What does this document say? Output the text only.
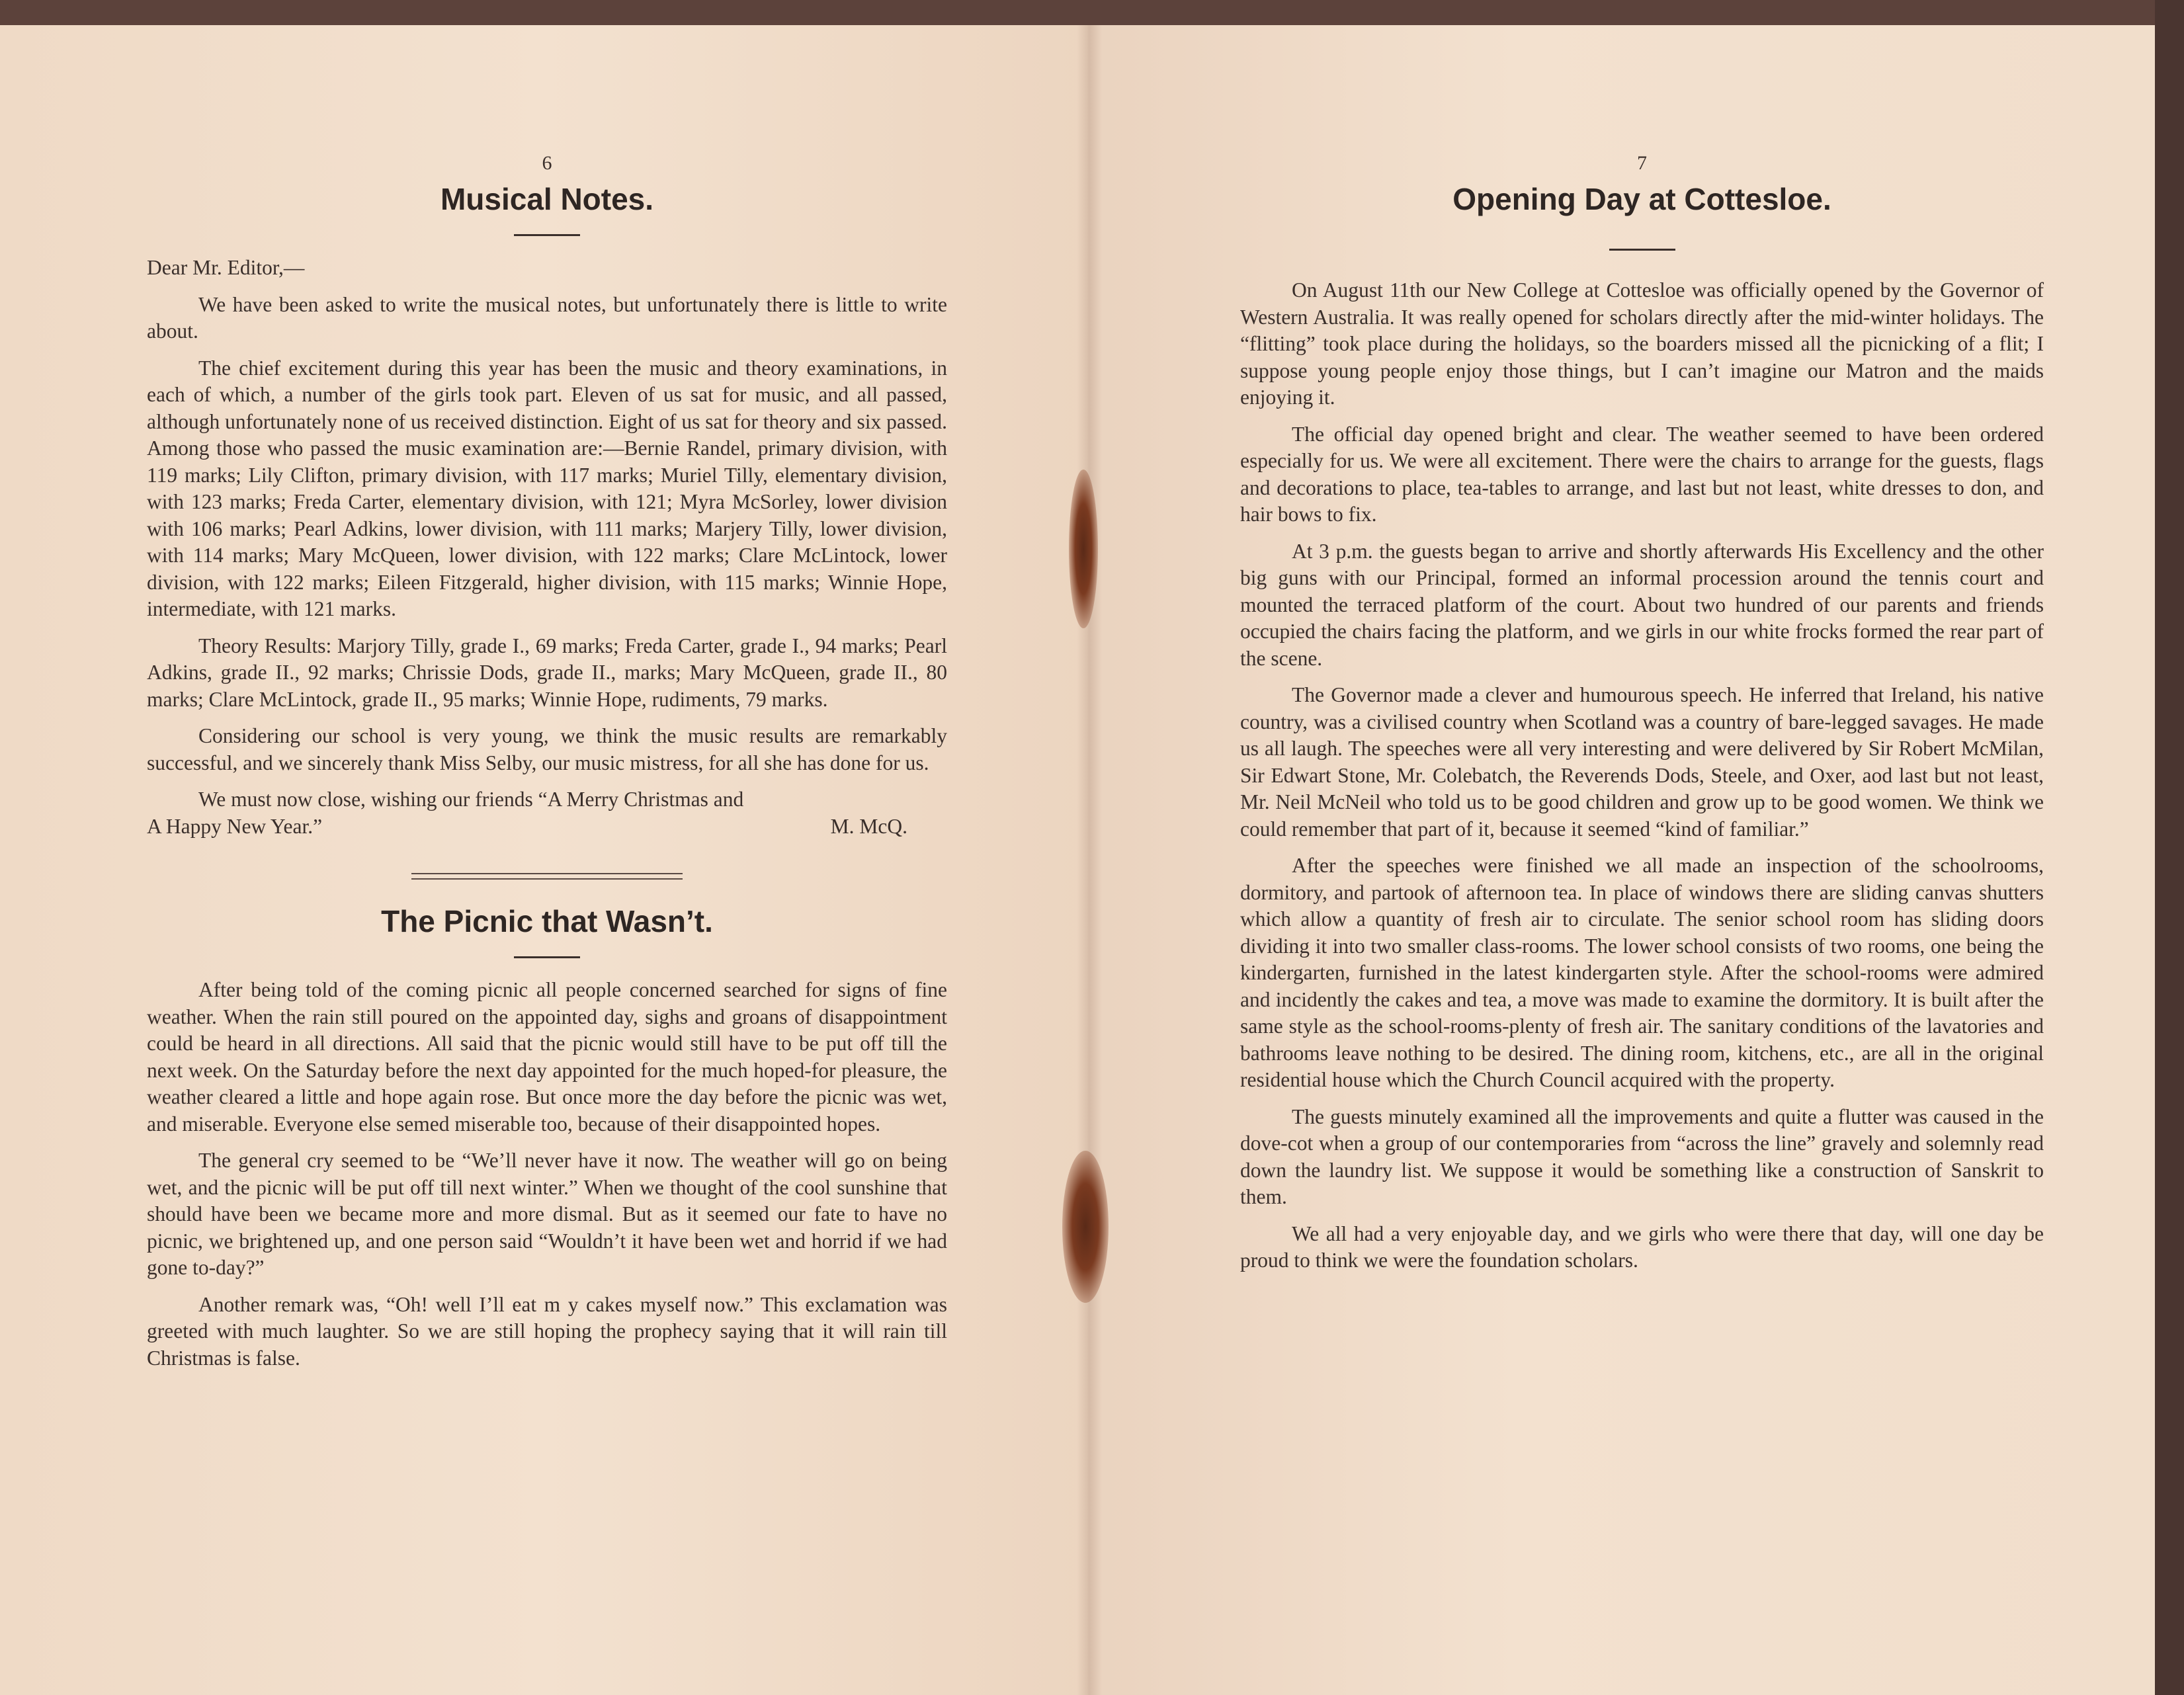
6
Musical Notes.

Dear Mr. Editor,—

We have been asked to write the musical notes, but unfortunately there is little to write about.

The chief excitement during this year has been the music and theory examinations, in each of which, a number of the girls took part. Eleven of us sat for music, and all passed, although unfortunately none of us received distinction. Eight of us sat for theory and six passed. Among those who passed the music examination are:—Bernie Randel, primary division, with 119 marks; Lily Clifton, primary division, with 117 marks; Muriel Tilly, elementary division, with 123 marks; Freda Carter, elementary division, with 121; Myra McSorley, lower division with 106 marks; Pearl Adkins, lower division, with 111 marks; Marjery Tilly, lower division, with 114 marks; Mary McQueen, lower division, with 122 marks; Clare McLintock, lower division, with 122 marks; Eileen Fitzgerald, higher division, with 115 marks; Winnie Hope, intermediate, with 121 marks.

Theory Results: Marjory Tilly, grade I., 69 marks; Freda Carter, grade I., 94 marks; Pearl Adkins, grade II., 92 marks; Chrissie Dods, grade II., marks; Mary McQueen, grade II., 80 marks; Clare McLintock, grade II., 95 marks; Winnie Hope, rudiments, 79 marks.

Considering our school is very young, we think the music results are remarkably successful, and we sincerely thank Miss Selby, our music mistress, for all she has done for us.

We must now close, wishing our friends “A Merry Christmas and

A Happy New Year.”	M. McQ.

The Picnic that Wasn’t.

After being told of the coming picnic all people concerned searched for signs of fine weather. When the rain still poured on the appointed day, sighs and groans of disappointment could be heard in all directions. All said that the picnic would still have to be put off till the next week. On the Saturday before the next day appointed for the much hoped-for pleasure, the weather cleared a little and hope again rose. But once more the day before the picnic was wet, and miserable. Everyone else semed miserable too, because of their disappointed hopes.

The general cry seemed to be “We’ll never have it now. The weather will go on being wet, and the picnic will be put off till next winter.” When we thought of the cool sunshine that should have been we became more and more dismal. But as it seemed our fate to have no picnic, we brightened up, and one person said “Wouldn’t it have been wet and horrid if we had gone to-day?”

Another remark was, “Oh! well I’ll eat m y cakes myself now.” This exclamation was greeted with much laughter. So we are still hoping the prophecy saying that it will rain till Christmas is false.

7
Opening Day at Cottesloe.

On August 11th our New College at Cottesloe was officially opened by the Governor of Western Australia. It was really opened for scholars directly after the mid-winter holidays. The “flitting” took place during the holidays, so the boarders missed all the picnicking of a flit; I suppose young people enjoy those things, but I can’t imagine our Matron and the maids enjoying it.

The official day opened bright and clear. The weather seemed to have been ordered especially for us. We were all excitement. There were the chairs to arrange for the guests, flags and decorations to place, tea-tables to arrange, and last but not least, white dresses to don, and hair bows to fix.

At 3 p.m. the guests began to arrive and shortly afterwards His Excellency and the other big guns with our Principal, formed an informal procession around the tennis court and mounted the terraced platform of the court. About two hundred of our parents and friends occupied the chairs facing the platform, and we girls in our white frocks formed the rear part of the scene.

The Governor made a clever and humourous speech. He inferred that Ireland, his native country, was a civilised country when Scotland was a country of bare-legged savages. He made us all laugh. The speeches were all very interesting and were delivered by Sir Robert McMilan, Sir Edwart Stone, Mr. Colebatch, the Reverends Dods, Steele, and Oxer, aod last but not least, Mr. Neil McNeil who told us to be good children and grow up to be good women. We think we could remember that part of it, because it seemed “kind of familiar.”

After the speeches were finished we all made an inspection of the schoolrooms, dormitory, and partook of afternoon tea. In place of windows there are sliding canvas shutters which allow a quantity of fresh air to circulate. The senior school room has sliding doors dividing it into two smaller class-rooms. The lower school consists of two rooms, one being the kindergarten, furnished in the latest kindergarten style. After the school-rooms were admired and incidently the cakes and tea, a move was made to examine the dormitory. It is built after the same style as the school-rooms-plenty of fresh air. The sanitary conditions of the lavatories and bathrooms leave nothing to be desired. The dining room, kitchens, etc., are all in the original residential house which the Church Council acquired with the property.

The guests minutely examined all the improvements and quite a flutter was caused in the dove-cot when a group of our contemporaries from “across the line” gravely and solemnly read down the laundry list. We suppose it would be something like a construction of Sanskrit to them.

We all had a very enjoyable day, and we girls who were there that day, will one day be proud to think we were the foundation scholars.
